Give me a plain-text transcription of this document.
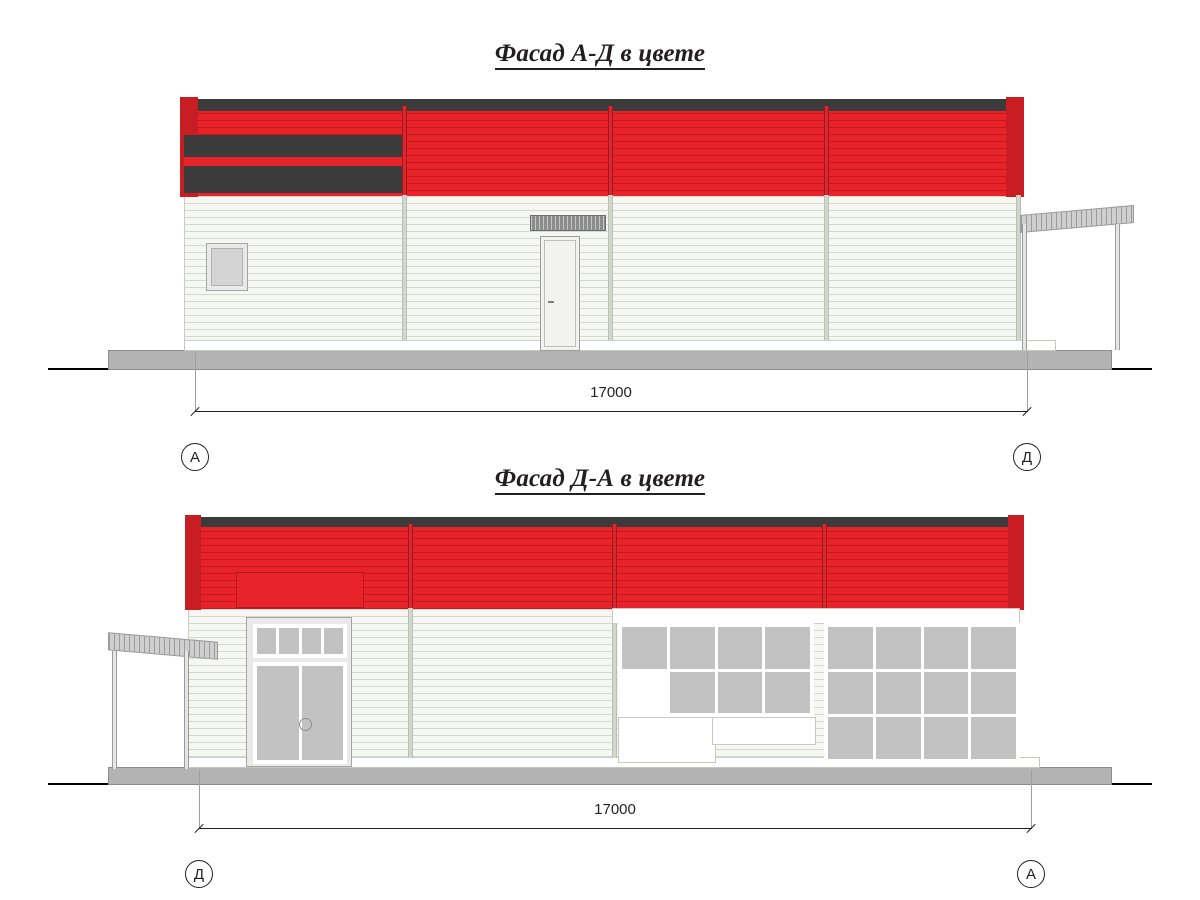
Фасад А-Д в цвете
17000
А	Д
Фасад Д-А в цвете
17000
Д	А
